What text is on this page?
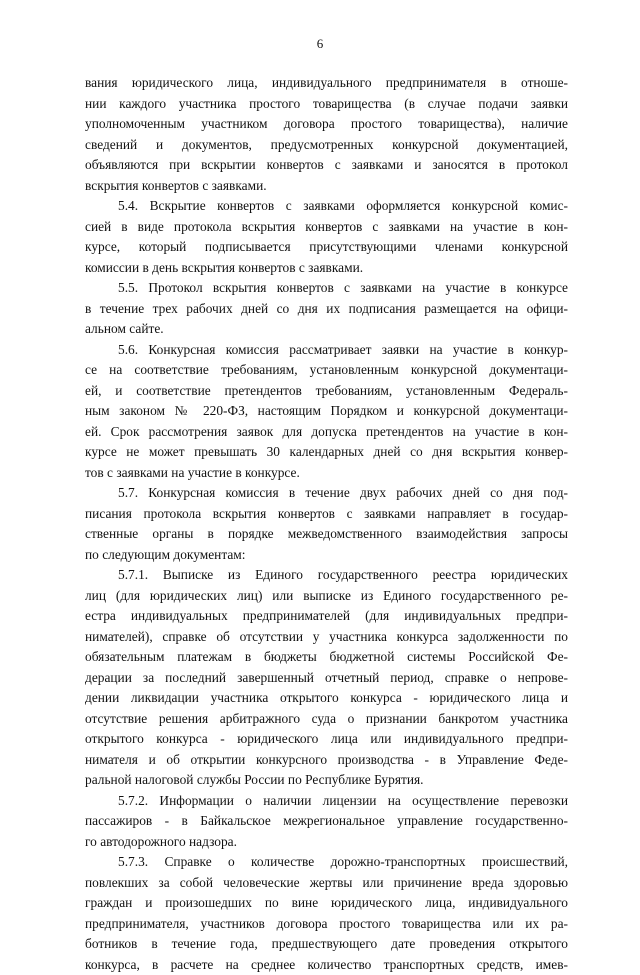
6
вания юридического лица, индивидуального предпринимателя в отноше-
нии каждого участника простого товарищества (в случае подачи заявки
уполномоченным участником договора простого товарищества), наличие
сведений и документов, предусмотренных конкурсной документацией,
объявляются при вскрытии конвертов с заявками и заносятся в протокол
вскрытия конвертов с заявками.
5.4. Вскрытие конвертов с заявками оформляется конкурсной комис-
сией в виде протокола вскрытия конвертов с заявками на участие в кон-
курсе, который подписывается присутствующими членами конкурсной
комиссии в день вскрытия конвертов с заявками.
5.5. Протокол вскрытия конвертов с заявками на участие в конкурсе
в течение трех рабочих дней со дня их подписания размещается на офици-
альном сайте.
5.6. Конкурсная комиссия рассматривает заявки на участие в конкур-
се на соответствие требованиям, установленным конкурсной документаци-
ей, и соответствие претендентов требованиям, установленным Федераль-
ным законом № 220-ФЗ, настоящим Порядком и конкурсной документаци-
ей. Срок рассмотрения заявок для допуска претендентов на участие в кон-
курсе не может превышать 30 календарных дней со дня вскрытия конвер-
тов с заявками на участие в конкурсе.
5.7. Конкурсная комиссия в течение двух рабочих дней со дня под-
писания протокола вскрытия конвертов с заявками направляет в государ-
ственные органы в порядке межведомственного взаимодействия запросы
по следующим документам:
5.7.1. Выписке из Единого государственного реестра юридических
лиц (для юридических лиц) или выписке из Единого государственного ре-
естра индивидуальных предпринимателей (для индивидуальных предпри-
нимателей), справке об отсутствии у участника конкурса задолженности по
обязательным платежам в бюджеты бюджетной системы Российской Фе-
дерации за последний завершенный отчетный период, справке о непрове-
дении ликвидации участника открытого конкурса - юридического лица и
отсутствие решения арбитражного суда о признании банкротом участника
открытого конкурса - юридического лица или индивидуального предпри-
нимателя и об открытии конкурсного производства - в Управление Федe-
ральной налоговой службы России по Республике Бурятия.
5.7.2. Информации о наличии лицензии на осуществление перевозки
пассажиров - в Байкальское межрегиональное управление государственно-
го автодорожного надзора.
5.7.3. Справке о количестве дорожно-транспортных происшествий,
повлекших за собой человеческие жертвы или причинение вреда здоровью
граждан и произошедших по вине юридического лица, индивидуального
предпринимателя, участников договора простого товарищества или их ра-
ботников в течение года, предшествующего дате проведения открытого
конкурса, в расчете на среднее количество транспортных средств, имев-
